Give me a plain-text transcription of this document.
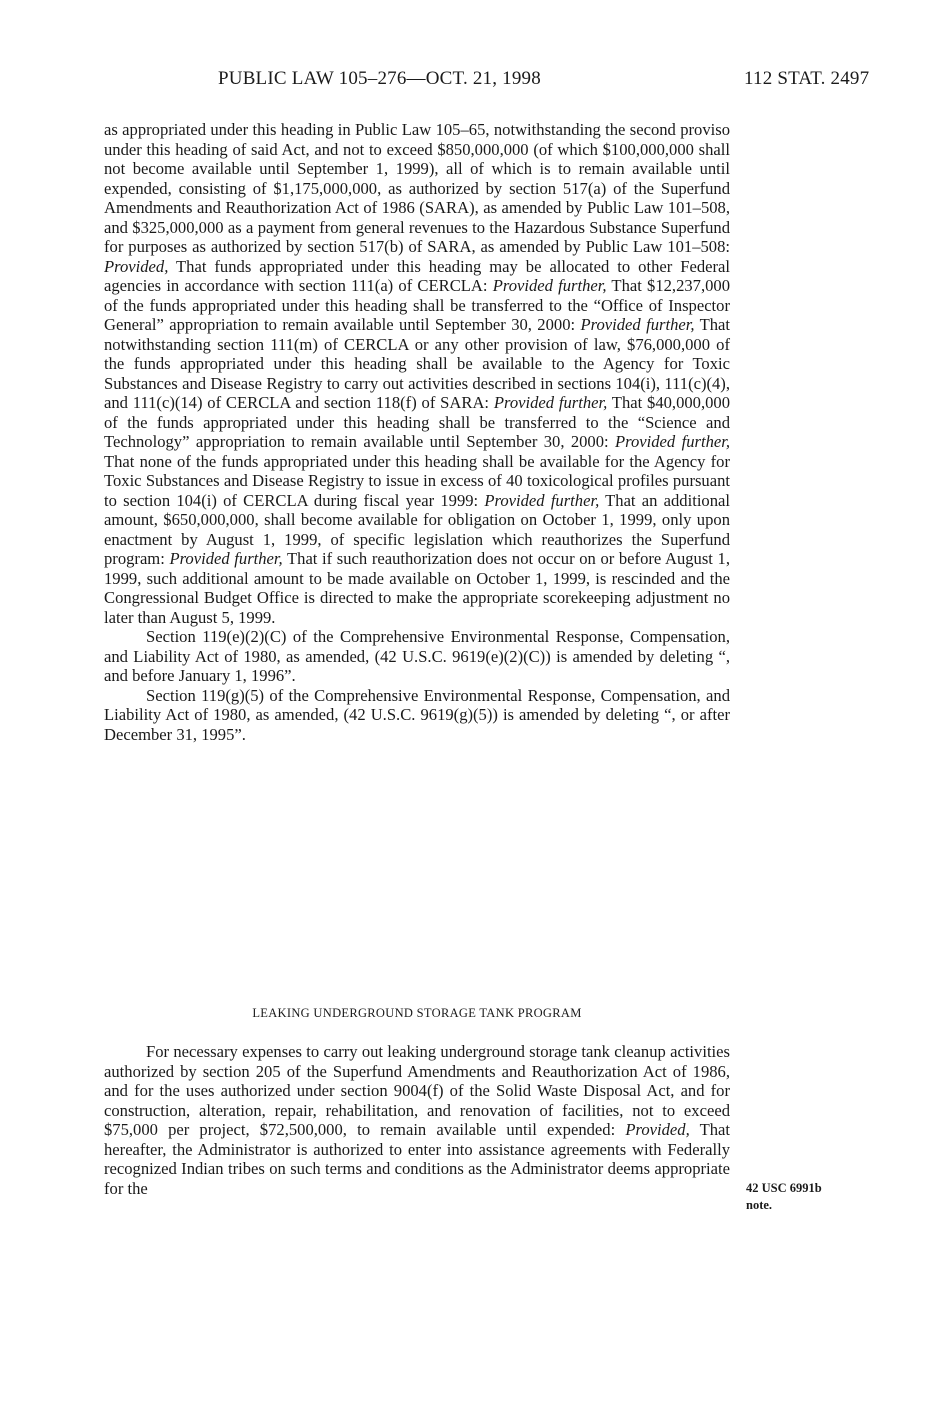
PUBLIC LAW 105–276—OCT. 21, 1998	112 STAT. 2497

as appropriated under this heading in Public Law 105–65, notwithstanding the second proviso under this heading of said Act, and not to exceed $850,000,000 (of which $100,000,000 shall not become available until September 1, 1999), all of which is to remain available until expended, consisting of $1,175,000,000, as authorized by section 517(a) of the Superfund Amendments and Reauthorization Act of 1986 (SARA), as amended by Public Law 101–508, and $325,000,000 as a payment from general revenues to the Hazardous Substance Superfund for purposes as authorized by section 517(b) of SARA, as amended by Public Law 101–508: Provided, That funds appropriated under this heading may be allocated to other Federal agencies in accordance with section 111(a) of CERCLA: Provided further, That $12,237,000 of the funds appropriated under this heading shall be transferred to the “Office of Inspector General” appropriation to remain available until September 30, 2000: Provided further, That notwithstanding section 111(m) of CERCLA or any other provision of law, $76,000,000 of the funds appropriated under this heading shall be available to the Agency for Toxic Substances and Disease Registry to carry out activities described in sections 104(i), 111(c)(4), and 111(c)(14) of CERCLA and section 118(f) of SARA: Provided further, That $40,000,000 of the funds appropriated under this heading shall be transferred to the “Science and Technology” appropriation to remain available until September 30, 2000: Provided further, That none of the funds appropriated under this heading shall be available for the Agency for Toxic Substances and Disease Registry to issue in excess of 40 toxicological profiles pursuant to section 104(i) of CERCLA during fiscal year 1999: Provided further, That an additional amount, $650,000,000, shall become available for obligation on October 1, 1999, only upon enactment by August 1, 1999, of specific legislation which reauthorizes the Superfund program: Provided further, That if such reauthorization does not occur on or before August 1, 1999, such additional amount to be made available on October 1, 1999, is rescinded and the Congressional Budget Office is directed to make the appropriate scorekeeping adjustment no later than August 5, 1999.

Section 119(e)(2)(C) of the Comprehensive Environmental Response, Compensation, and Liability Act of 1980, as amended, (42 U.S.C. 9619(e)(2)(C)) is amended by deleting “, and before January 1, 1996”.

Section 119(g)(5) of the Comprehensive Environmental Response, Compensation, and Liability Act of 1980, as amended, (42 U.S.C. 9619(g)(5)) is amended by deleting “, or after December 31, 1995”.

LEAKING UNDERGROUND STORAGE TANK PROGRAM

For necessary expenses to carry out leaking underground storage tank cleanup activities authorized by section 205 of the Superfund Amendments and Reauthorization Act of 1986, and for the uses authorized under section 9004(f) of the Solid Waste Disposal Act, and for construction, alteration, repair, rehabilitation, and renovation of facilities, not to exceed $75,000 per project, $72,500,000, to remain available until expended: Provided, That hereafter, the Administrator is authorized to enter into assistance agreements with Federally recognized Indian tribes on such terms and conditions as the Administrator deems appropriate for the	42 USC 6991b
note.
